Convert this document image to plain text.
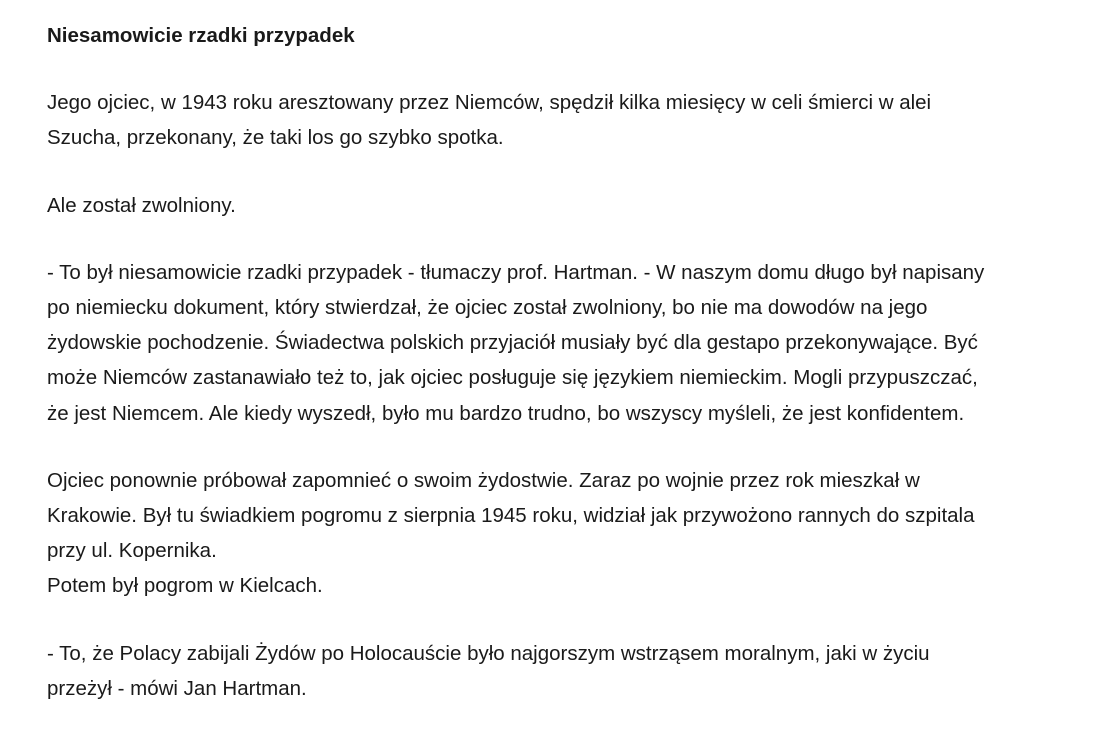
Niesamowicie rzadki przypadek
Jego ojciec, w 1943 roku aresztowany przez Niemców, spędził kilka miesięcy w celi śmierci w alei
Szucha, przekonany, że taki los go szybko spotka.
Ale został zwolniony.
- To był niesamowicie rzadki przypadek - tłumaczy prof. Hartman. - W naszym domu długo był napisany
po niemiecku dokument, który stwierdzał, że ojciec został zwolniony, bo nie ma dowodów na jego
żydowskie pochodzenie. Świadectwa polskich przyjaciół musiały być dla gestapo przekonywające. Być
może Niemców zastanawiało też to, jak ojciec posługuje się językiem niemieckim. Mogli przypuszczać,
że jest Niemcem. Ale kiedy wyszedł, było mu bardzo trudno, bo wszyscy myśleli, że jest konfidentem.
Ojciec ponownie próbował zapomnieć o swoim żydostwie. Zaraz po wojnie przez rok mieszkał w
Krakowie. Był tu świadkiem pogromu z sierpnia 1945 roku, widział jak przywożono rannych do szpitala
przy ul. Kopernika.
Potem był pogrom w Kielcach.
- To, że Polacy zabijali Żydów po Holocauście było najgorszym wstrząsem moralnym, jaki w życiu
przeżył - mówi Jan Hartman.
